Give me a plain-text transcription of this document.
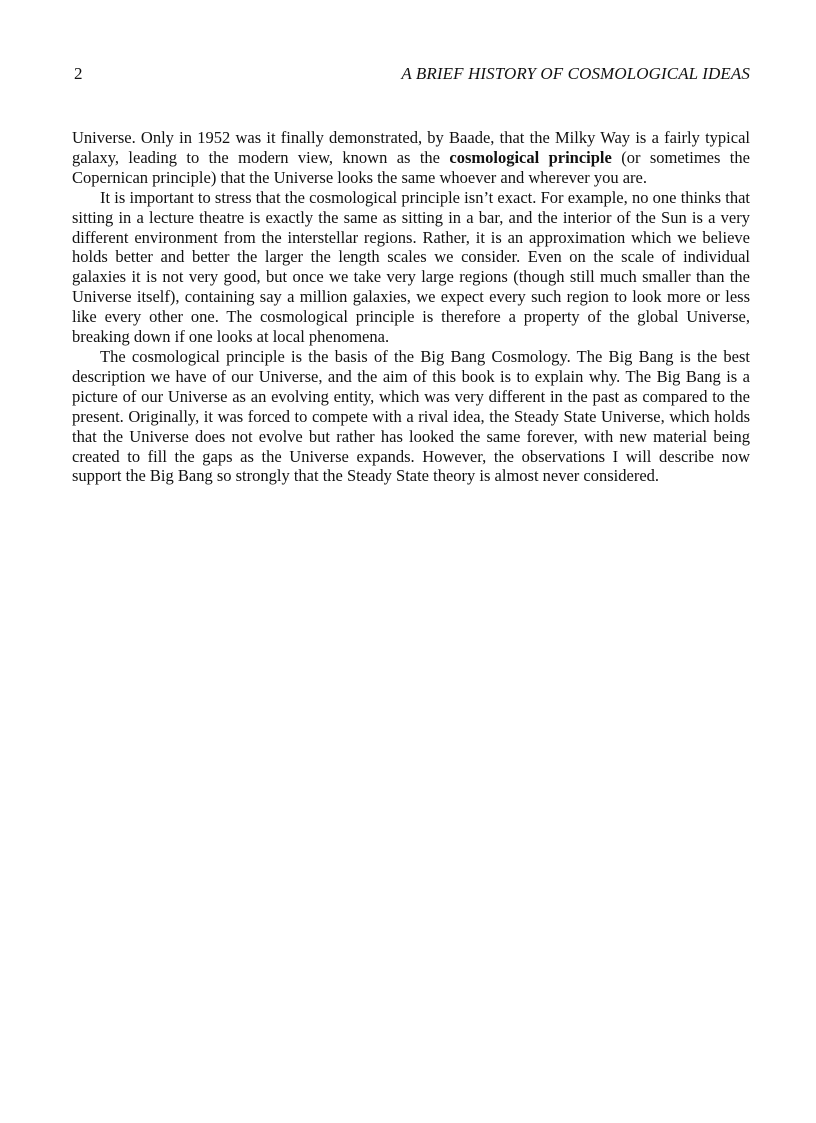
2	A BRIEF HISTORY OF COSMOLOGICAL IDEAS

Universe. Only in 1952 was it finally demonstrated, by Baade, that the Milky Way is a fairly typical galaxy, leading to the modern view, known as the cosmological principle (or sometimes the Copernican principle) that the Universe looks the same whoever and wherever you are.

It is important to stress that the cosmological principle isn’t exact. For example, no one thinks that sitting in a lecture theatre is exactly the same as sitting in a bar, and the interior of the Sun is a very different environment from the interstellar regions. Rather, it is an approximation which we believe holds better and better the larger the length scales we consider. Even on the scale of individual galaxies it is not very good, but once we take very large regions (though still much smaller than the Universe itself), containing say a million galaxies, we expect every such region to look more or less like every other one. The cosmological principle is therefore a property of the global Universe, breaking down if one looks at local phenomena.

The cosmological principle is the basis of the Big Bang Cosmology. The Big Bang is the best description we have of our Universe, and the aim of this book is to explain why. The Big Bang is a picture of our Universe as an evolving entity, which was very different in the past as compared to the present. Originally, it was forced to compete with a rival idea, the Steady State Universe, which holds that the Universe does not evolve but rather has looked the same forever, with new material being created to fill the gaps as the Universe expands. However, the observations I will describe now support the Big Bang so strongly that the Steady State theory is almost never considered.
